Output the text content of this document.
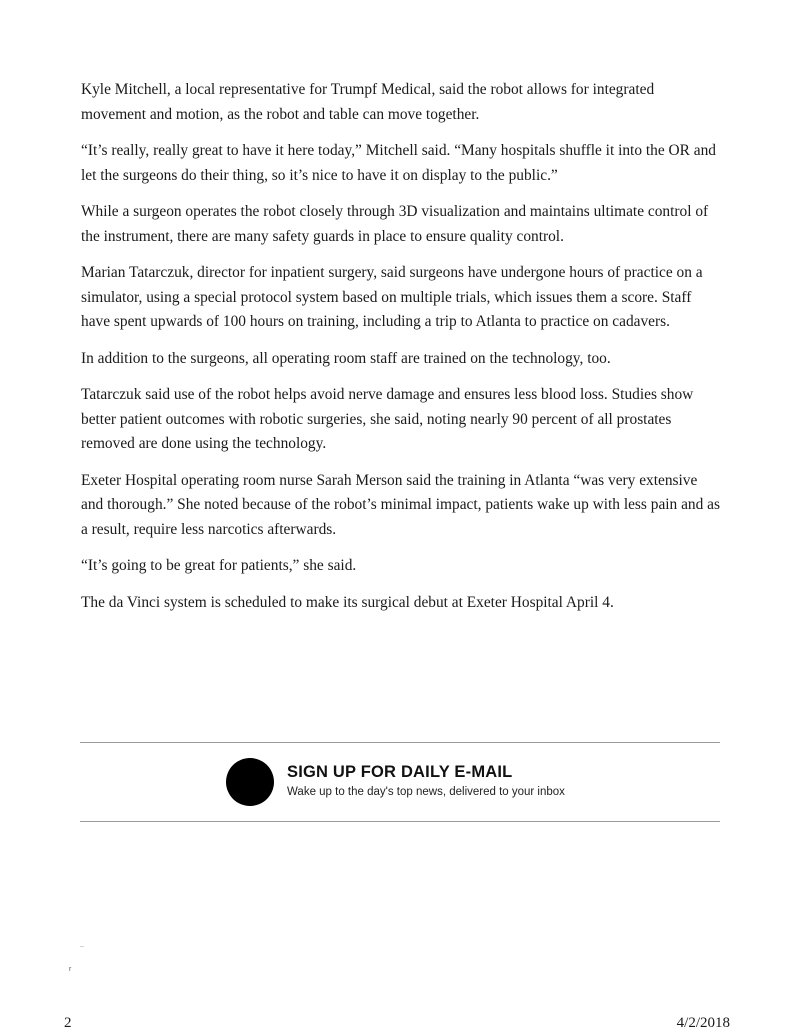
Kyle Mitchell, a local representative for Trumpf Medical, said the robot allows for integrated movement and motion, as the robot and table can move together.

“It’s really, really great to have it here today,” Mitchell said. “Many hospitals shuffle it into the OR and let the surgeons do their thing, so it’s nice to have it on display to the public.”

While a surgeon operates the robot closely through 3D visualization and maintains ultimate control of the instrument, there are many safety guards in place to ensure quality control.

Marian Tatarczuk, director for inpatient surgery, said surgeons have undergone hours of practice on a simulator, using a special protocol system based on multiple trials, which issues them a score. Staff have spent upwards of 100 hours on training, including a trip to Atlanta to practice on cadavers.

In addition to the surgeons, all operating room staff are trained on the technology, too.

Tatarczuk said use of the robot helps avoid nerve damage and ensures less blood loss. Studies show better patient outcomes with robotic surgeries, she said, noting nearly 90 percent of all prostates removed are done using the technology.

Exeter Hospital operating room nurse Sarah Merson said the training in Atlanta “was very extensive and thorough.” She noted because of the robot’s minimal impact, patients wake up with less pain and as a result, require less narcotics afterwards.

“It’s going to be great for patients,” she said.

The da Vinci system is scheduled to make its surgical debut at Exeter Hospital April 4.

SIGN UP FOR DAILY E-MAIL
Wake up to the day's top news, delivered to your inbox
..
r
2	4/2/2018
